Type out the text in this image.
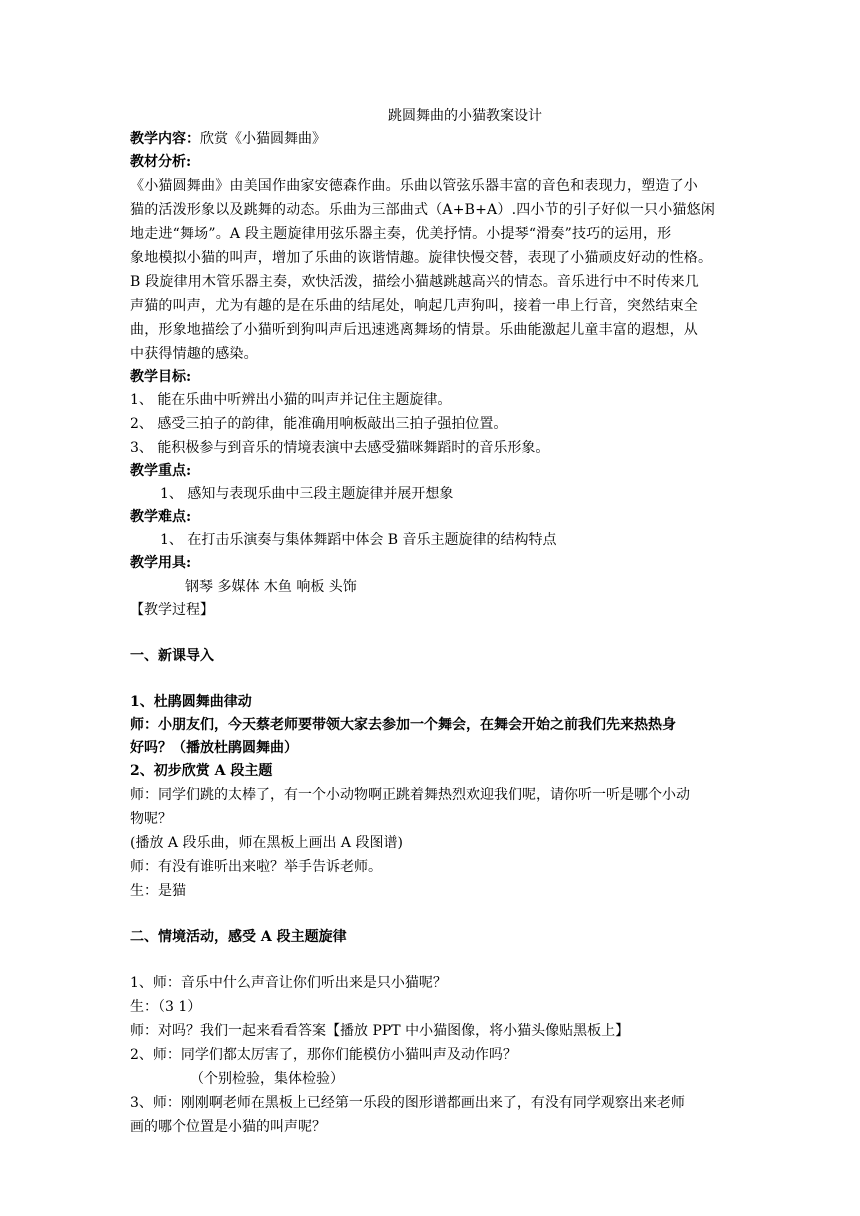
跳圆舞曲的小猫教案设计
教学内容：欣赏《小猫圆舞曲》
教材分析:
《小猫圆舞曲》由美国作曲家安德森作曲。乐曲以管弦乐器丰富的音色和表现力，塑造了小
猫的活泼形象以及跳舞的动态。乐曲为三部曲式（A+B+A）.四小节的引子好似一只小猫悠闲
地走进“舞场”。A 段主题旋律用弦乐器主奏，优美抒情。小提琴“滑奏”技巧的运用，形
象地模拟小猫的叫声，增加了乐曲的诙谐情趣。旋律快慢交替，表现了小猫顽皮好动的性格。
B 段旋律用木管乐器主奏，欢快活泼，描绘小猫越跳越高兴的情态。音乐进行中不时传来几
声猫的叫声，尤为有趣的是在乐曲的结尾处，响起几声狗叫，接着一串上行音，突然结束全
曲，形象地描绘了小猫听到狗叫声后迅速逃离舞场的情景。乐曲能激起儿童丰富的遐想，从
中获得情趣的感染。
教学目标:
1、 能在乐曲中听辨出小猫的叫声并记住主题旋律。
2、 感受三拍子的韵律，能准确用响板敲出三拍子强拍位置。
3、 能积极参与到音乐的情境表演中去感受猫咪舞蹈时的音乐形象。
教学重点:
1、 感知与表现乐曲中三段主题旋律并展开想象
教学难点:
1、 在打击乐演奏与集体舞蹈中体会 B 音乐主题旋律的结构特点
教学用具:
钢琴 多媒体 木鱼 响板 头饰
【教学过程】
一、新课导入
1、杜鹃圆舞曲律动
师：小朋友们，今天蔡老师要带领大家去参加一个舞会，在舞会开始之前我们先来热热身
好吗？（播放杜鹃圆舞曲）
2、初步欣赏 A 段主题
师：同学们跳的太棒了，有一个小动物啊正跳着舞热烈欢迎我们呢，请你听一听是哪个小动
物呢？
(播放 A 段乐曲，师在黑板上画出 A 段图谱)
师：有没有谁听出来啦？举手告诉老师。
生：是猫
二、情境活动，感受 A 段主题旋律
1、师：音乐中什么声音让你们听出来是只小猫呢？
生：（3 1）
师：对吗？我们一起来看看答案【播放 PPT 中小猫图像，将小猫头像贴黑板上】
2、师：同学们都太厉害了，那你们能模仿小猫叫声及动作吗？
（个别检验，集体检验）
3、师：刚刚啊老师在黑板上已经第一乐段的图形谱都画出来了，有没有同学观察出来老师
画的哪个位置是小猫的叫声呢？
